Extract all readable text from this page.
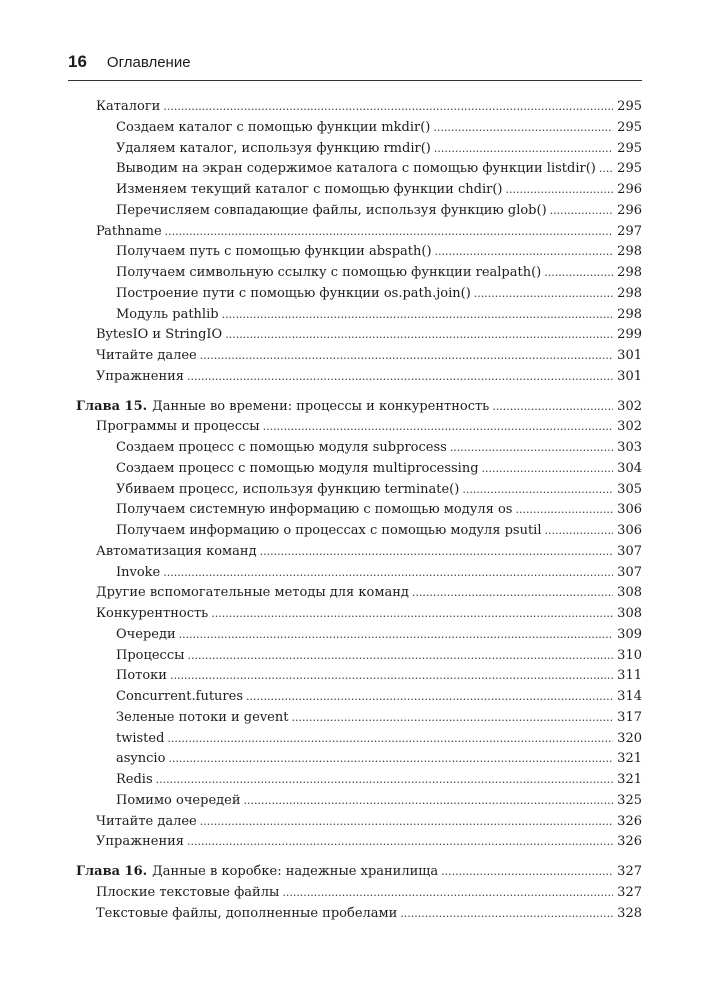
16 Оглавление
Каталоги .....	295
Создаем каталог с помощью функции mkdir() .....	295
Удаляем каталог, используя функцию rmdir() .....	295
Выводим на экран содержимое каталога с помощью функции listdir() ..... 295
Изменяем текущий каталог с помощью функции chdir() .....	296
Перечисляем совпадающие файлы, используя функцию glob() .....	296
Pathname .....	297
Получаем путь с помощью функции abspath() .....	298
Получаем символьную ссылку с помощью функции realpath() .....	298
Построение пути с помощью функции os.path.join() .....	298
Модуль pathlib .....	298
BytesIO и StringIO .....	299
Читайте далее .....	301
Упражнения .....	301
Глава 15. Данные во времени: процессы и конкурентность .....	302
Программы и процессы .....	302
Создаем процесс с помощью модуля subprocess .....	303
Создаем процесс с помощью модуля multiprocessing .....	304
Убиваем процесс, используя функцию terminate() .....	305
Получаем системную информацию с помощью модуля os .....	306
Получаем информацию о процессах с помощью модуля psutil .....	306
Автоматизация команд .....	307
Invoke .....	307
Другие вспомогательные методы для команд .....	308
Конкурентность .....	308
Очереди .....	309
Процессы .....	310
Потоки .....	311
Concurrent.futures .....	314
Зеленые потоки и gevent .....	317
twisted .....	320
asyncio .....	321
Redis .....	321
Помимо очередей .....	325
Читайте далее .....	326
Упражнения .....	326
Глава 16. Данные в коробке: надежные хранилища .....	327
Плоские текстовые файлы .....	327
Текстовые файлы, дополненные пробелами .....	328
